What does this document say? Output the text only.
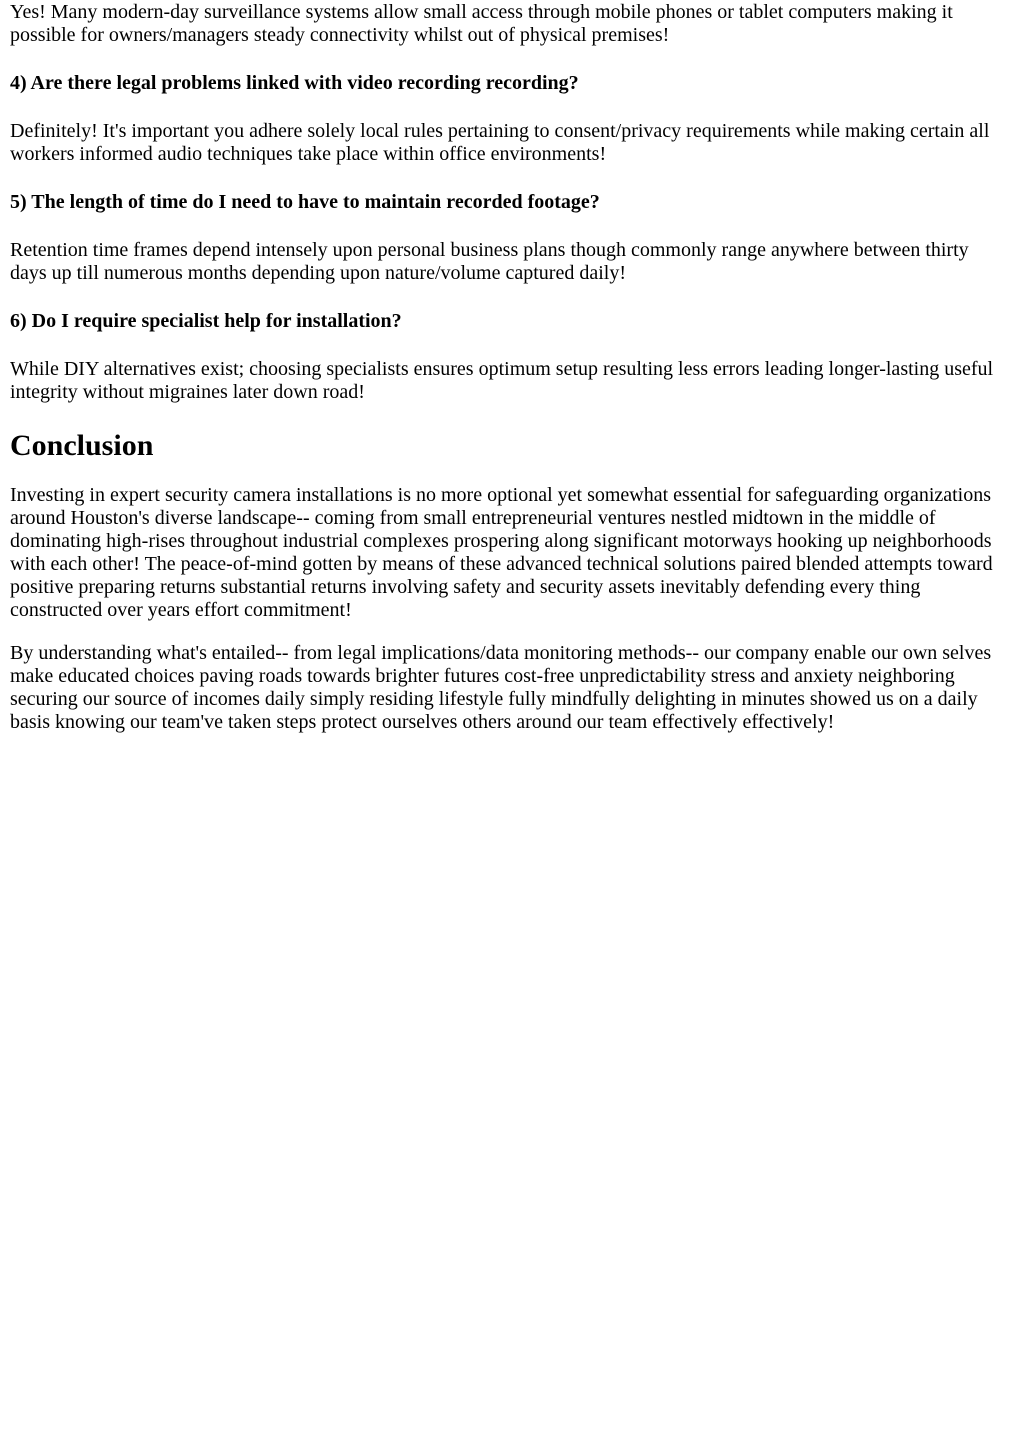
Yes! Many modern-day surveillance systems allow small access through mobile phones or tablet computers making it possible for owners/managers steady connectivity whilst out of physical premises!

4) Are there legal problems linked with video recording recording?

Definitely! It's important you adhere solely local rules pertaining to consent/privacy requirements while making certain all workers informed audio techniques take place within office environments!

5) The length of time do I need to have to maintain recorded footage?

Retention time frames depend intensely upon personal business plans though commonly range anywhere between thirty days up till numerous months depending upon nature/volume captured daily!

6) Do I require specialist help for installation?

While DIY alternatives exist; choosing specialists ensures optimum setup resulting less errors leading longer-lasting useful integrity without migraines later down road!

Conclusion

Investing in expert security camera installations is no more optional yet somewhat essential for safeguarding organizations around Houston's diverse landscape-- coming from small entrepreneurial ventures nestled midtown in the middle of dominating high-rises throughout industrial complexes prospering along significant motorways hooking up neighborhoods with each other! The peace-of-mind gotten by means of these advanced technical solutions paired blended attempts toward positive preparing returns substantial returns involving safety and security assets inevitably defending every thing constructed over years effort commitment!

By understanding what's entailed-- from legal implications/data monitoring methods-- our company enable our own selves make educated choices paving roads towards brighter futures cost-free unpredictability stress and anxiety neighboring securing our source of incomes daily simply residing lifestyle fully mindfully delighting in minutes showed us on a daily basis knowing our team've taken steps protect ourselves others around our team effectively effectively!
